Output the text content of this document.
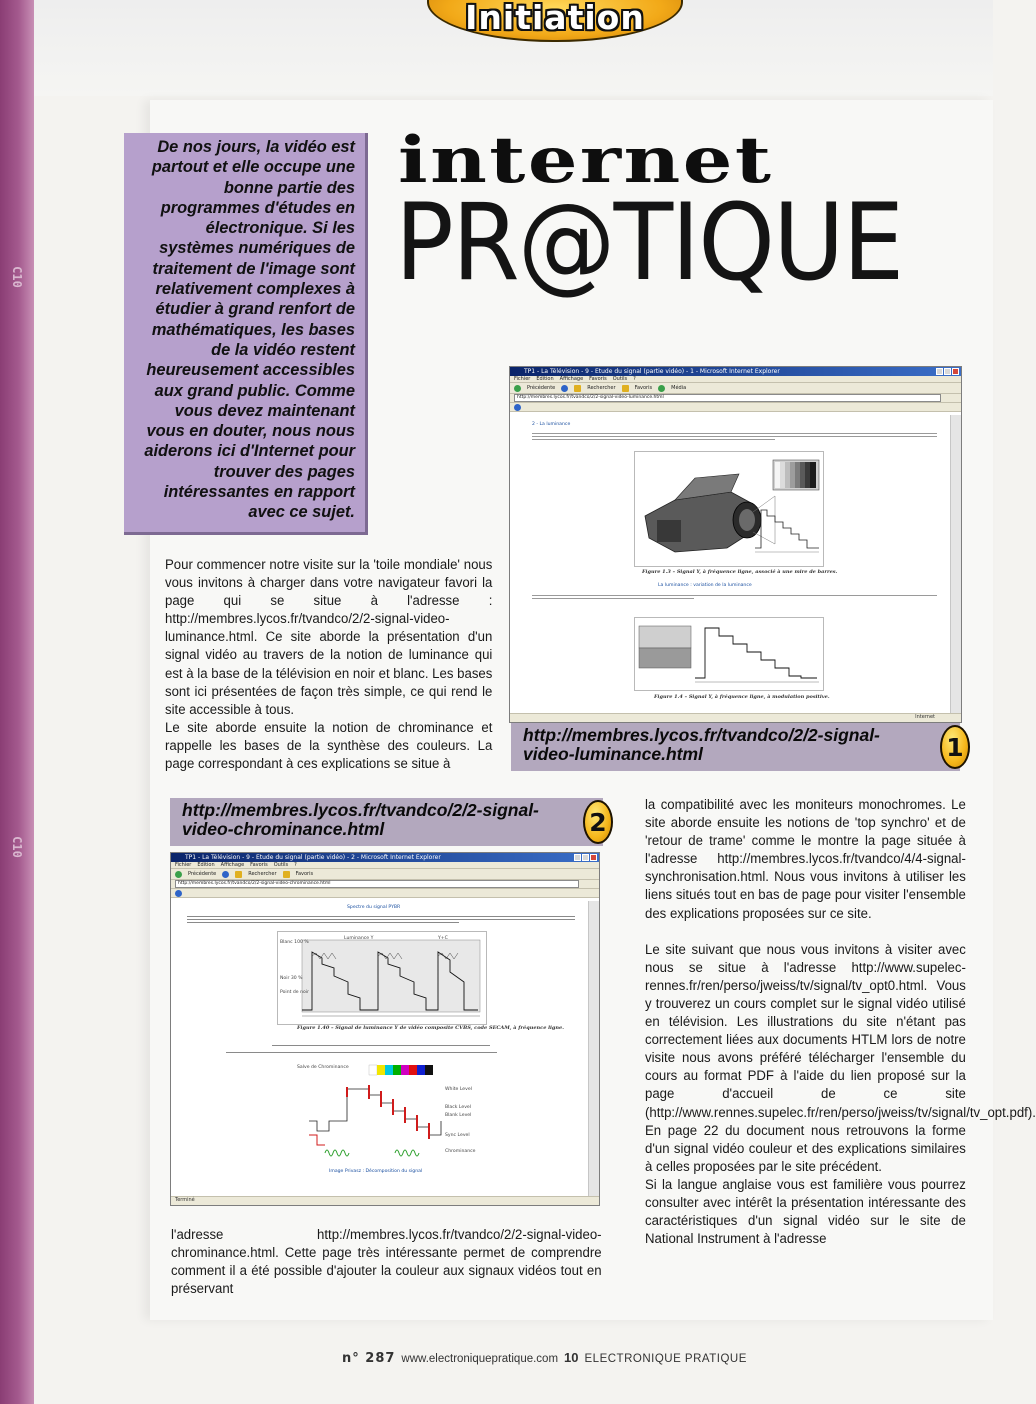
C10
C10
Initiation

De nos jours, la vidéo est partout et elle occupe une bonne partie des programmes d'études en électronique. Si les systèmes numériques de traitement de l'image sont relativement complexes à étudier à grand renfort de mathématiques, les bases de la vidéo restent heureusement accessibles aux grand public. Comme vous devez maintenant vous en douter, nous nous aiderons ici d'Internet pour trouver des pages intéressantes en rapport avec ce sujet.

internet
PR@TIQUE
TP1 - La Télévision - 9 - Etude du signal (partie vidéo) - 1 - Microsoft Internet Explorer
Fichier Edition Affichage Favoris Outils ?
Précédente	Rechercher	Favoris	Média
http://membres.lycos.fr/tvandco/2/2-signal-video-luminance.html
2 - La luminance
Figure 1.3 – Signal Y, à fréquence ligne, associé à une mire de barres.
La luminance : variation de la luminance
Figure 1.4 – Signal Y, à fréquence ligne, à modulation positive.
Internet
http://membres.lycos.fr/tvandco/2/2-signal-video-luminance.html	1

Pour commencer notre visite sur la 'toile mondiale' nous vous invitons à charger dans votre navigateur favori la page qui se situe à l'adresse : http://membres.lycos.fr/tvandco/2/2-signal-video-luminance.html. Ce site aborde la présentation d'un signal vidéo au travers de la notion de luminance qui est à la base de la télévision en noir et blanc. Les bases sont ici présentées de façon très simple, ce qui rend le site accessible à tous.

Le site aborde ensuite la notion de chrominance et rappelle les bases de la synthèse des couleurs. La page correspondant à ces explications se situe à

http://membres.lycos.fr/tvandco/2/2-signal-video-chrominance.html	2
TP1 - La Télévision - 9 - Etude du signal (partie vidéo) - 2 - Microsoft Internet Explorer
Fichier Edition Affichage Favoris Outils ?
Précédente	Rechercher	Favoris
http://membres.lycos.fr/tvandco/2/2-signal-video-chrominance.html
Spectre du signal PYBR
Blanc 100 %
Luminance Y	Y+C
Noir 30 %
Point de noir
Figure 1.40 – Signal de luminance Y de vidéo composite CVBS, code SECAM, à fréquence ligne.
Salve de Chrominance
White Level
Black Level
Blank Level
Sync Level
Chrominance
Image Privasz : Décomposition du signal
Terminé

l'adresse http://membres.lycos.fr/tvandco/2/2-signal-video-chrominance.html. Cette page très intéressante permet de comprendre comment il a été possible d'ajouter la couleur aux signaux vidéos tout en préservant

la compatibilité avec les moniteurs monochromes. Le site aborde ensuite les notions de 'top synchro' et de 'retour de trame' comme le montre la page située à l'adresse http://membres.lycos.fr/tvandco/4/4-signal-synchronisation.html. Nous vous invitons à utiliser les liens situés tout en bas de page pour visiter l'ensemble des explications proposées sur ce site.

Le site suivant que nous vous invitons à visiter avec nous se situe à l'adresse http://www.supelec-rennes.fr/ren/perso/jweiss/tv/signal/tv_opt0.html. Vous y trouverez un cours complet sur le signal vidéo utilisé en télévision. Les illustrations du site n'étant pas correctement liées aux documents HTLM lors de notre visite nous avons préféré télécharger l'ensemble du cours au format PDF à l'aide du lien proposé sur la page d'accueil de ce site (http://www.rennes.supelec.fr/ren/perso/jweiss/tv/signal/tv_opt.pdf). En page 22 du document nous retrouvons la forme d'un signal vidéo couleur et des explications similaires à celles proposées par le site précédent.

Si la langue anglaise vous est familière vous pourrez consulter avec intérêt la présentation intéressante des caractéristiques d'un signal vidéo sur le site de National Instrument à l'adresse

n° 287 www.electroniquepratique.com 10 ELECTRONIQUE PRATIQUE
